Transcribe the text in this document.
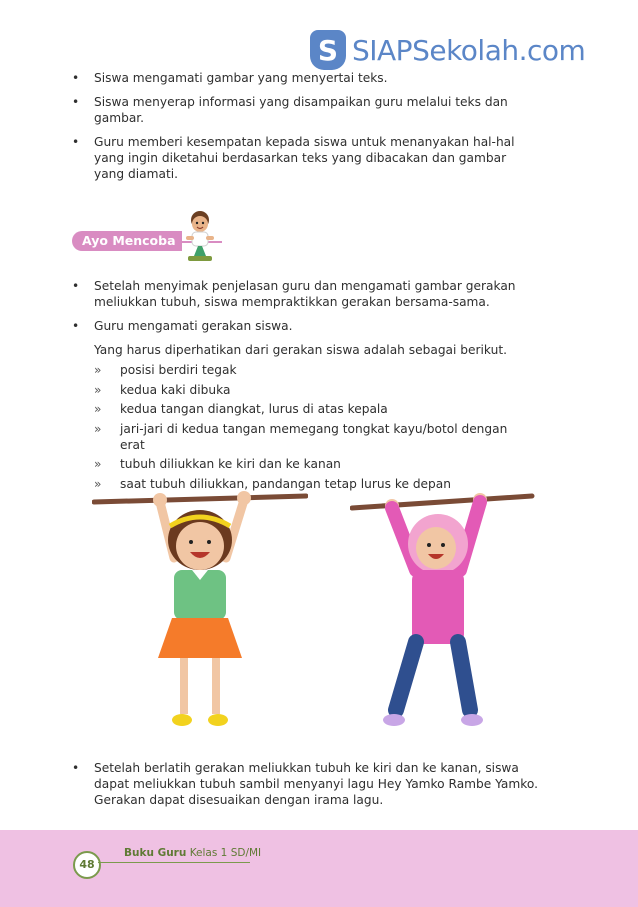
S SIAPSekolah.com
• Siswa mengamati gambar yang menyertai teks.
• Siswa menyerap informasi yang disampaikan guru melalui teks dan gambar.
• Guru memberi kesempatan kepada siswa untuk menanyakan hal-hal yang ingin diketahui berdasarkan teks yang dibacakan dan gambar yang diamati.
Ayo Mencoba
• Setelah menyimak penjelasan guru dan mengamati gambar gerakan meliukkan tubuh, siswa mempraktikkan gerakan bersama-sama.
• Guru mengamati gerakan siswa.
Yang harus diperhatikan dari gerakan siswa adalah sebagai berikut.
» posisi berdiri tegak
» kedua kaki dibuka
» kedua tangan diangkat, lurus di atas kepala
» jari-jari di kedua tangan memegang tongkat kayu/botol dengan erat
» tubuh diliukkan ke kiri dan ke kanan
» saat tubuh diliukkan, pandangan tetap lurus ke depan
• Setelah berlatih gerakan meliukkan tubuh ke kiri dan ke kanan, siswa dapat meliukkan tubuh sambil menyanyi lagu Hey Yamko Rambe Yamko. Gerakan dapat disesuaikan dengan irama lagu.
48
Buku Guru Kelas 1 SD/MI
